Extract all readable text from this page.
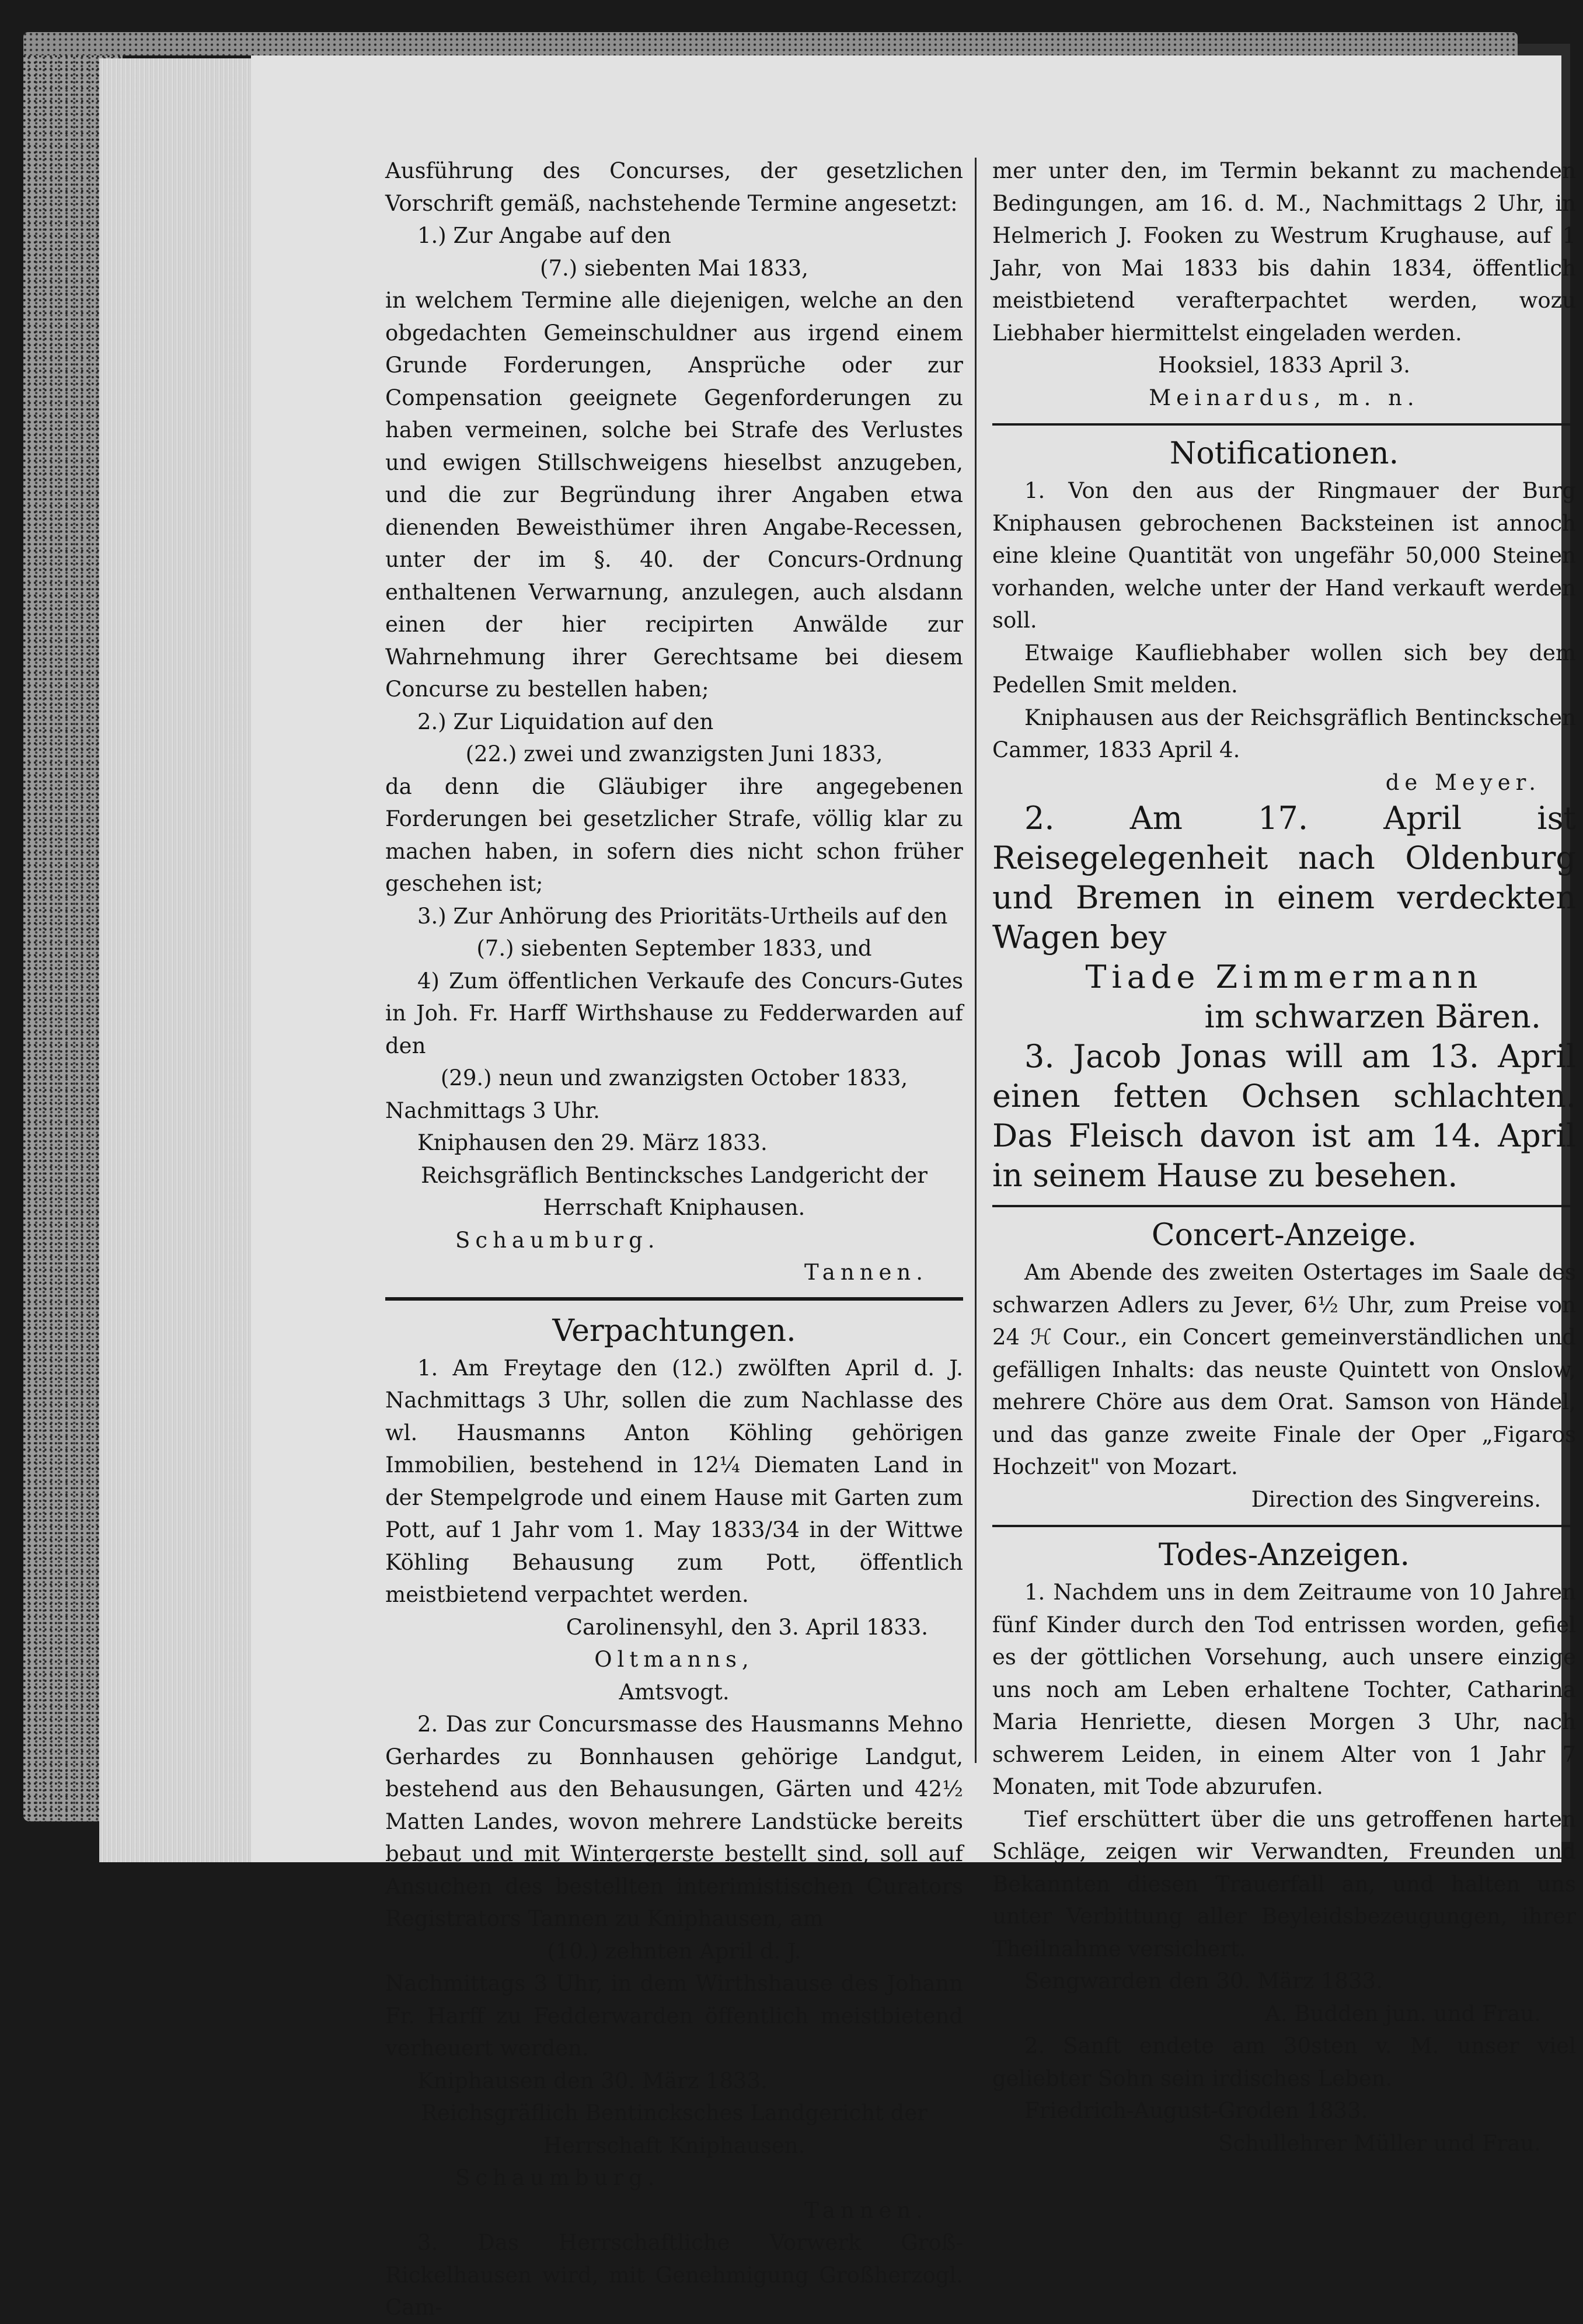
Ausführung des Concurses, der gesetzlichen Vorschrift gemäß, nachstehende Termine angesetzt:

1.) Zur Angabe auf den

(7.) siebenten Mai 1833,

in welchem Termine alle diejenigen, welche an den obgedachten Gemeinschuldner aus irgend einem Grunde Forderungen, Ansprüche oder zur Compensation geeignete Gegenforderungen zu haben vermeinen, solche bei Strafe des Verlustes und ewigen Stillschweigens hieselbst anzugeben, und die zur Begründung ihrer Angaben etwa dienenden Beweisthümer ihren Angabe-Recessen, unter der im §. 40. der Concurs-Ordnung enthaltenen Verwarnung, anzulegen, auch alsdann einen der hier recipirten Anwälde zur Wahrnehmung ihrer Gerechtsame bei diesem Concurse zu bestellen haben;

2.) Zur Liquidation auf den

(22.) zwei und zwanzigsten Juni 1833,

da denn die Gläubiger ihre angegebenen Forderungen bei gesetzlicher Strafe, völlig klar zu machen haben, in sofern dies nicht schon früher geschehen ist;

3.) Zur Anhörung des Prioritäts-Urtheils auf den

(7.) siebenten September 1833, und

4) Zum öffentlichen Verkaufe des Concurs-Gutes in Joh. Fr. Harff Wirthshause zu Fedderwarden auf den

(29.) neun und zwanzigsten October 1833,

Nachmittags 3 Uhr.

Kniphausen den 29. März 1833.

Reichsgräflich Bentincksches Landgericht der Herrschaft Kniphausen.

Schaumburg.

Tannen.

Verpachtungen.

1. Am Freytage den (12.) zwölften April d. J. Nachmittags 3 Uhr, sollen die zum Nachlasse des wl. Hausmanns Anton Köhling gehörigen Immobilien, bestehend in 12¼ Diematen Land in der Stempelgrode und einem Hause mit Garten zum Pott, auf 1 Jahr vom 1. May 1833/34 in der Wittwe Köhling Behausung zum Pott, öffentlich meistbietend verpachtet werden.

Carolinensyhl, den 3. April 1833.

Oltmanns,

Amtsvogt.

2. Das zur Concursmasse des Hausmanns Mehno Gerhardes zu Bonnhausen gehörige Landgut, bestehend aus den Behausungen, Gärten und 42½ Matten Landes, wovon mehrere Landstücke bereits bebaut und mit Wintergerste bestellt sind, soll auf Ansuchen des bestellten interimistischen Curators Registrators Tannen zu Kniphausen, am

(10.) zehnten April d. J.

Nachmittags 3 Uhr, in dem Wirthshause des Johann Fr. Harff zu Fedderwarden öffentlich meistbietend verheuert werden.

Kniphausen den 30. März 1833.

Reichsgräflich Bentincksches Landgericht der Herrschaft Kniphausen.

Schaumburg.

Tannen.

3. Das Herrschaftliche Vorwerk Groß-Rickelhausen wird, mit Genehmigung Großherzogl. Cam-

mer unter den, im Termin bekannt zu machenden Bedingungen, am 16. d. M., Nachmittags 2 Uhr, in Helmerich J. Fooken zu Westrum Krughause, auf 1 Jahr, von Mai 1833 bis dahin 1834, öffentlich meistbietend verafterpachtet werden, wozu Liebhaber hiermittelst eingeladen werden.

Hooksiel, 1833 April 3.

Meinardus, m. n.

Notificationen.

1. Von den aus der Ringmauer der Burg Kniphausen gebrochenen Backsteinen ist annoch eine kleine Quantität von ungefähr 50,000 Steinen vorhanden, welche unter der Hand verkauft werden soll.

Etwaige Kaufliebhaber wollen sich bey dem Pedellen Smit melden.

Kniphausen aus der Reichsgräflich Bentinckschen Cammer, 1833 April 4.

de Meyer.

2. Am 17. April ist Reisegelegenheit nach Oldenburg und Bremen in einem verdeckten Wagen bey

Tiade Zimmermann

im schwarzen Bären.

3. Jacob Jonas will am 13. April einen fetten Ochsen schlachten. Das Fleisch davon ist am 14. April in seinem Hause zu besehen.

Concert-Anzeige.

Am Abende des zweiten Ostertages im Saale des schwarzen Adlers zu Jever, 6½ Uhr, zum Preise von 24 ℋ Cour., ein Concert gemeinverständlichen und gefälligen Inhalts: das neuste Quintett von Onslow, mehrere Chöre aus dem Orat. Samson von Händel, und das ganze zweite Finale der Oper „Figaros Hochzeit" von Mozart.

Direction des Singvereins.

Todes-Anzeigen.

1. Nachdem uns in dem Zeitraume von 10 Jahren fünf Kinder durch den Tod entrissen worden, gefiel es der göttlichen Vorsehung, auch unsere einzige uns noch am Leben erhaltene Tochter, Catharina Maria Henriette, diesen Morgen 3 Uhr, nach schwerem Leiden, in einem Alter von 1 Jahr 7 Monaten, mit Tode abzurufen.

Tief erschüttert über die uns getroffenen harten Schläge, zeigen wir Verwandten, Freunden und Bekannten diesen Trauerfall an, und halten uns unter Verbittung aller Beyleidsbezeugungen, ihrer Theilnahme versichert.

Sengwarden den 30. März 1833.

A. Budden jun. und Frau.

2. Sanft endete am 30sten v. M. unser viel geliebter Sohn sein irdisches Leben.

Friedrich-August-Groden 1833.

Schullehrer Müller und Frau.
